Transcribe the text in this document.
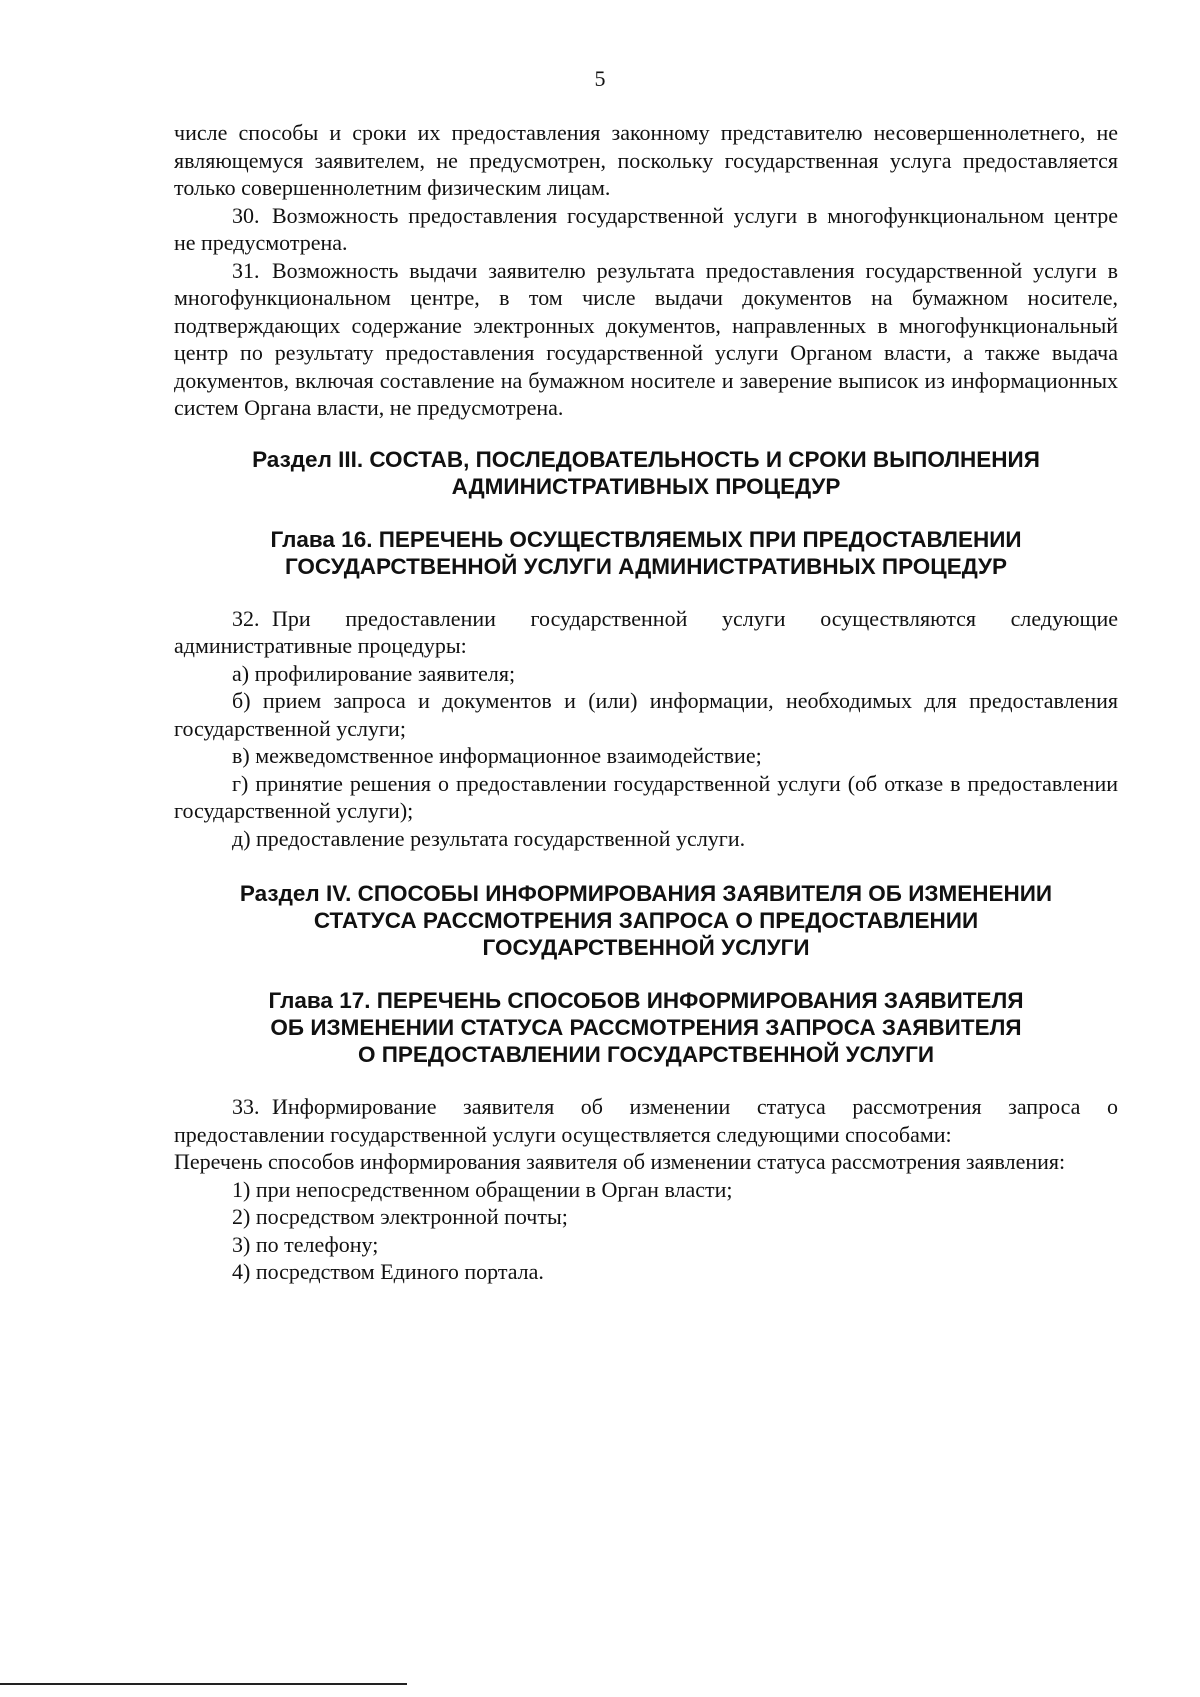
5

числе способы и сроки их предоставления законному представителю несовершеннолетнего, не являющемуся заявителем, не предусмотрен, поскольку государственная услуга предоставляется только совершеннолетним физическим лицам.

30. Возможность предоставления государственной услуги в многофункциональном центре не предусмотрена.

31. Возможность выдачи заявителю результата предоставления государственной услуги в многофункциональном центре, в том числе выдачи документов на бумажном носителе, подтверждающих содержание электронных документов, направленных в многофункциональный центр по результату предоставления государственной услуги Органом власти, а также выдача документов, включая составление на бумажном носителе и заверение выписок из информационных систем Органа власти, не предусмотрена.

Раздел III. СОСТАВ, ПОСЛЕДОВАТЕЛЬНОСТЬ И СРОКИ ВЫПОЛНЕНИЯ
АДМИНИСТРАТИВНЫХ ПРОЦЕДУР
Глава 16. ПЕРЕЧЕНЬ ОСУЩЕСТВЛЯЕМЫХ ПРИ ПРЕДОСТАВЛЕНИИ
ГОСУДАРСТВЕННОЙ УСЛУГИ АДМИНИСТРАТИВНЫХ ПРОЦЕДУР

32. При предоставлении государственной услуги осуществляются следующие административные процедуры:

а) профилирование заявителя;

б) прием запроса и документов и (или) информации, необходимых для предоставления государственной услуги;

в) межведомственное информационное взаимодействие;

г) принятие решения о предоставлении государственной услуги (об отказе в предоставлении государственной услуги);

д) предоставление результата государственной услуги.

Раздел IV. СПОСОБЫ ИНФОРМИРОВАНИЯ ЗАЯВИТЕЛЯ ОБ ИЗМЕНЕНИИ
СТАТУСА РАССМОТРЕНИЯ ЗАПРОСА О ПРЕДОСТАВЛЕНИИ
ГОСУДАРСТВЕННОЙ УСЛУГИ
Глава 17. ПЕРЕЧЕНЬ СПОСОБОВ ИНФОРМИРОВАНИЯ ЗАЯВИТЕЛЯ
ОБ ИЗМЕНЕНИИ СТАТУСА РАССМОТРЕНИЯ ЗАПРОСА ЗАЯВИТЕЛЯ
О ПРЕДОСТАВЛЕНИИ ГОСУДАРСТВЕННОЙ УСЛУГИ

33. Информирование заявителя об изменении статуса рассмотрения запроса о предоставлении государственной услуги осуществляется следующими способами:

Перечень способов информирования заявителя об изменении статуса рассмотрения заявления:

1) при непосредственном обращении в Орган власти;

2) посредством электронной почты;

3) по телефону;

4) посредством Единого портала.
